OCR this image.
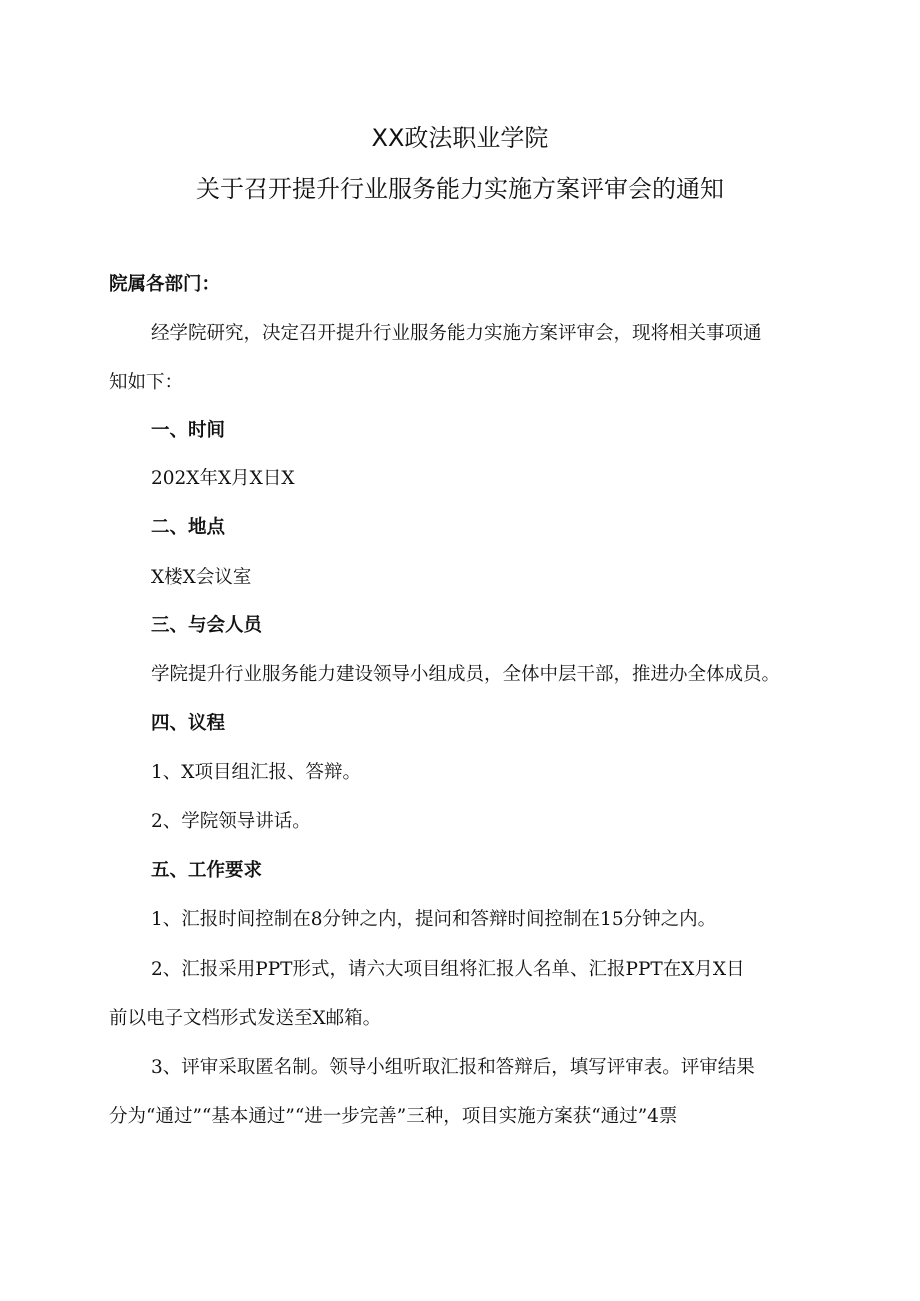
XX政法职业学院
关于召开提升行业服务能力实施方案评审会的通知
院属各部门：
经学院研究，决定召开提升行业服务能力实施方案评审会，现将相关事项通
知如下：
一、时间
202X年X月X日X
二、地点
X楼X会议室
三、与会人员
学院提升行业服务能力建设领导小组成员，全体中层干部，推进办全体成员。
四、议程
1、X项目组汇报、答辩。
2、学院领导讲话。
五、工作要求
1、汇报时间控制在8分钟之内，提问和答辩时间控制在15分钟之内。
2、汇报采用PPT形式，请六大项目组将汇报人名单、汇报PPT在X月X日
前以电子文档形式发送至X邮箱。
3、评审采取匿名制。领导小组听取汇报和答辩后，填写评审表。评审结果
分为“通过”“基本通过”“进一步完善”三种，项目实施方案获“通过”4票
